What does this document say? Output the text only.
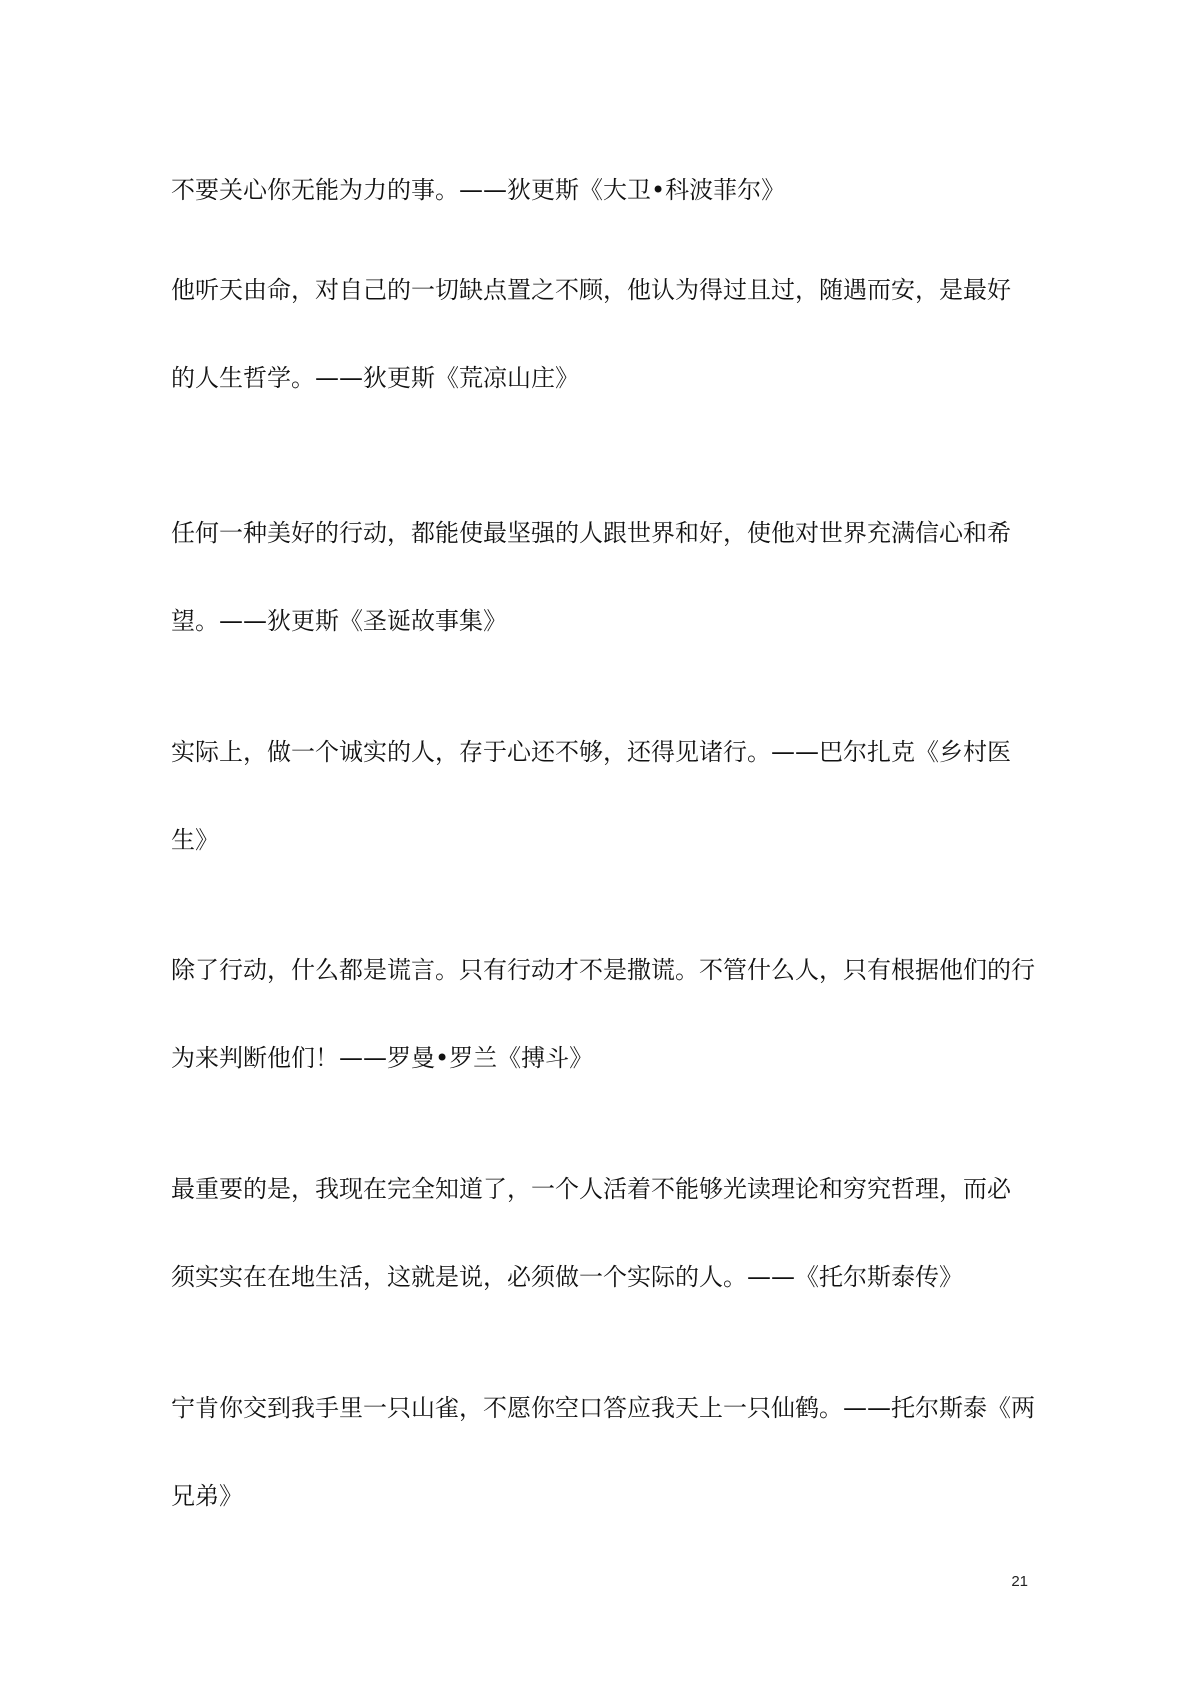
不要关心你无能为力的事。——狄更斯《大卫•科波菲尔》
他听天由命，对自己的一切缺点置之不顾，他认为得过且过，随遇而安，是最好
的人生哲学。——狄更斯《荒凉山庄》
任何一种美好的行动，都能使最坚强的人跟世界和好，使他对世界充满信心和希
望。——狄更斯《圣诞故事集》
实际上，做一个诚实的人，存于心还不够，还得见诸行。——巴尔扎克《乡村医
生》
除了行动，什么都是谎言。只有行动才不是撒谎。不管什么人，只有根据他们的行
为来判断他们！——罗曼•罗兰《搏斗》
最重要的是，我现在完全知道了，一个人活着不能够光读理论和穷究哲理，而必
须实实在在地生活，这就是说，必须做一个实际的人。——《托尔斯泰传》
宁肯你交到我手里一只山雀，不愿你空口答应我天上一只仙鹤。——托尔斯泰《两
兄弟》
21
